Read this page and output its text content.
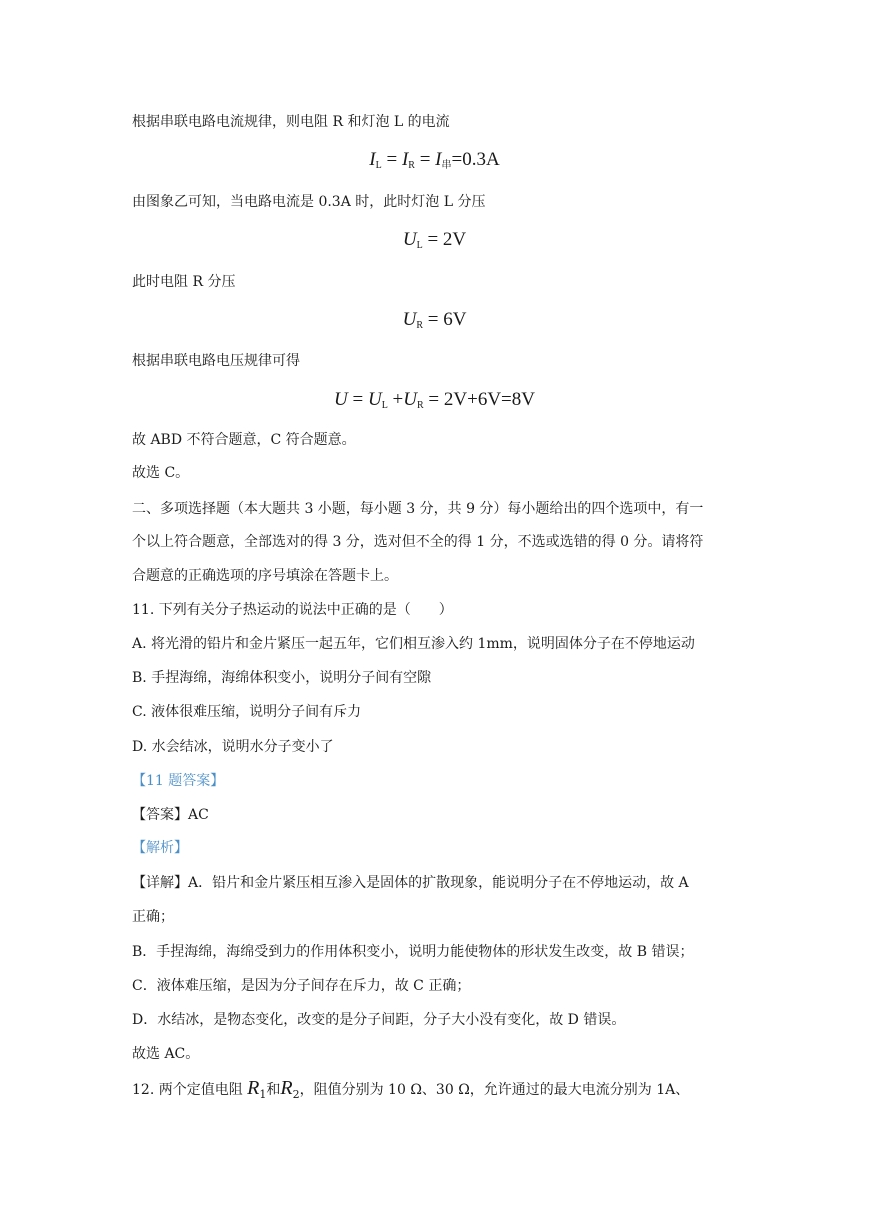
根据串联电路电流规律，则电阻 R 和灯泡 L 的电流
$I_L = I_R = I_串=0.3A$
由图象乙可知，当电路电流是 0.3A 时，此时灯泡 L 分压
$U_L = 2V$
此时电阻 R 分压
$U_R = 6V$
根据串联电路电压规律可得
$U = U_L +U_R = 2V+6V=8V$
故 ABD 不符合题意，C 符合题意。
故选 C。
二、多项选择题（本大题共 3 小题，每小题 3 分，共 9 分）每小题给出的四个选项中，有一
个以上符合题意，全部选对的得 3 分，选对但不全的得 1 分，不选或选错的得 0 分。请将符
合题意的正确选项的序号填涂在答题卡上。
11. 下列有关分子热运动的说法中正确的是（　　）
A. 将光滑的铅片和金片紧压一起五年，它们相互渗入约 1mm，说明固体分子在不停地运动
B. 手捏海绵，海绵体积变小，说明分子间有空隙
C. 液体很难压缩，说明分子间有斥力
D. 水会结冰，说明水分子变小了
【11 题答案】
【答案】AC
【解析】
【详解】A．铅片和金片紧压相互渗入是固体的扩散现象，能说明分子在不停地运动，故 A
正确；
B．手捏海绵，海绵受到力的作用体积变小，说明力能使物体的形状发生改变，故 B 错误；
C．液体难压缩，是因为分子间存在斥力，故 C 正确；
D．水结冰，是物态变化，改变的是分子间距，分子大小没有变化，故 D 错误。
故选 AC。
12. 两个定值电阻 $R_1$和$R_2$，阻值分别为 10 Ω、30 Ω，允许通过的最大电流分别为 1A、
